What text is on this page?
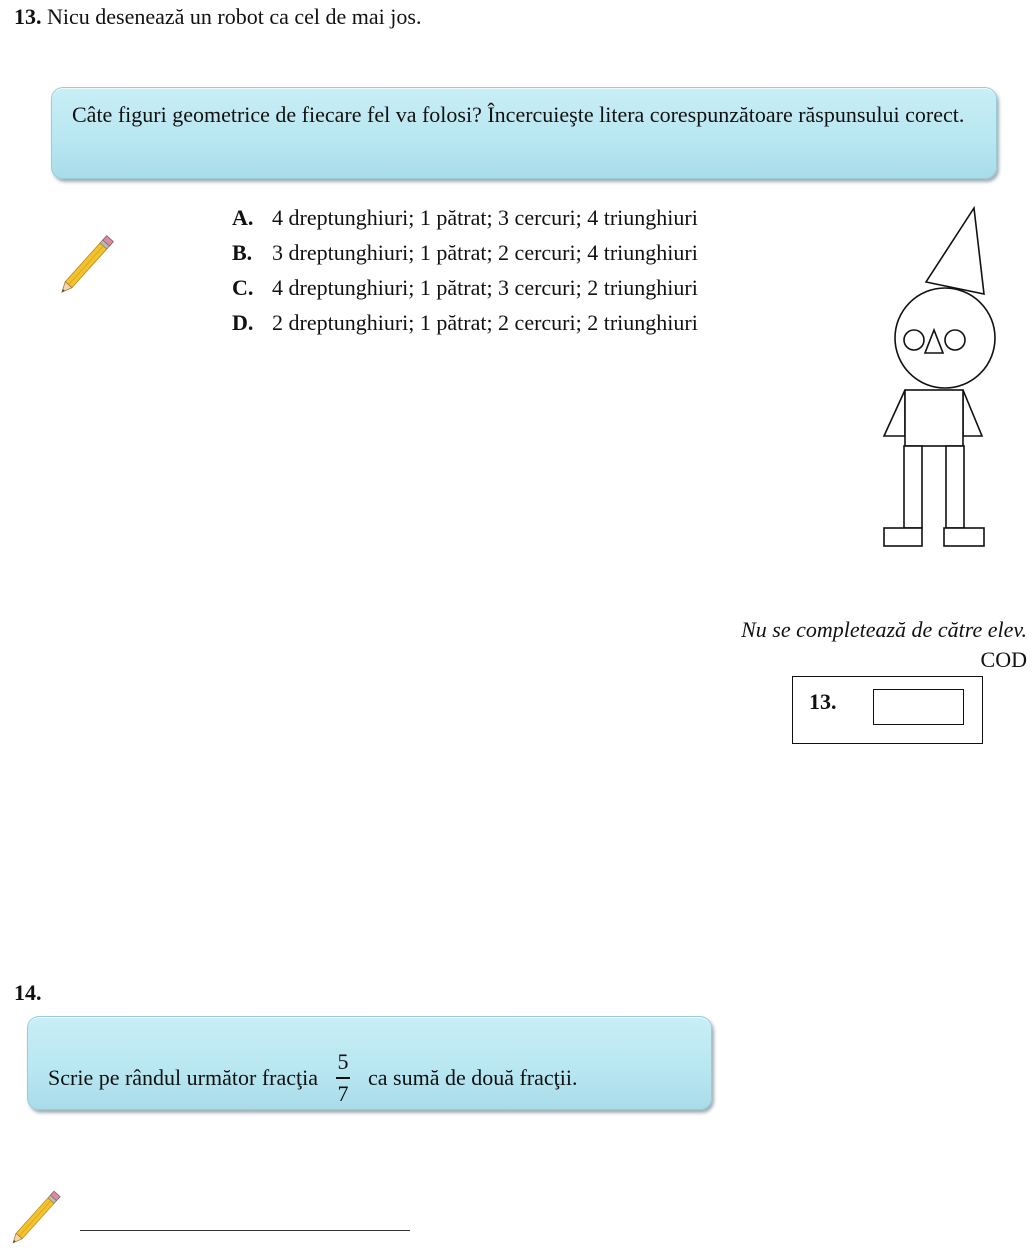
13. Nicu desenează un robot ca cel de mai jos.
Câte figuri geometrice de fiecare fel va folosi? Încercuieşte litera corespunzătoare răspunsului corect.
A. 4 dreptunghiuri; 1 pătrat; 3 cercuri; 4 triunghiuri
B. 3 dreptunghiuri; 1 pătrat; 2 cercuri; 4 triunghiuri
C. 4 dreptunghiuri; 1 pătrat; 3 cercuri; 2 triunghiuri
D. 2 dreptunghiuri; 1 pătrat; 2 cercuri; 2 triunghiuri
Nu se completează de către elev.
COD
13.
14.
Scrie pe rândul următor fracţia $\frac{5}{7}$ ca sumă de două fracţii.
